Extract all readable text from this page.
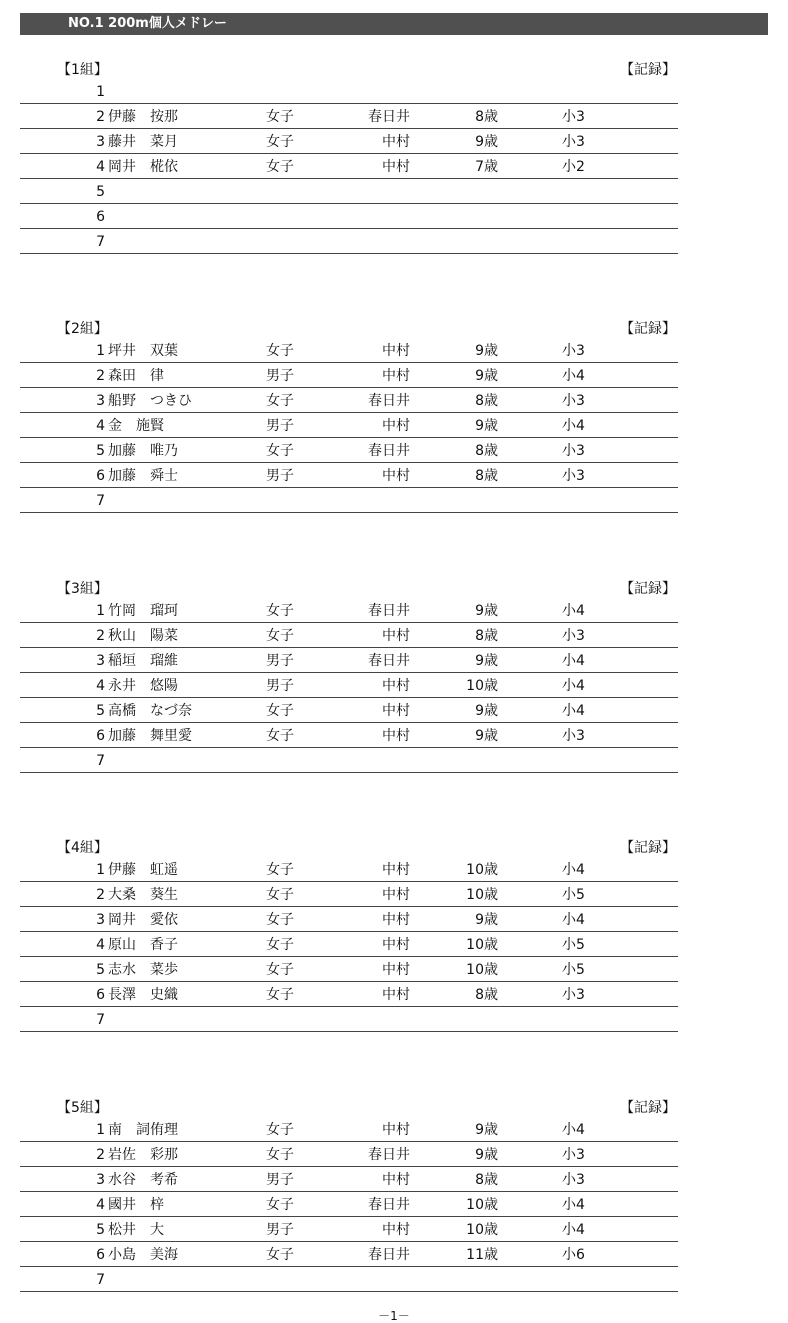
NO.1 200m個人メドレー
【1組】	【記録】
1
2 伊藤　按那	女子	春日井	8歳	小3
3 藤井　菜月	女子	中村	9歳	小3
4 岡井　椛依	女子	中村	7歳	小2
5
6
7
【2組】	【記録】
1 坪井　双葉	女子	中村	9歳	小3
2 森田　律	男子	中村	9歳	小4
3 船野　つきひ	女子	春日井	8歳	小3
4 金　施賢	男子	中村	9歳	小4
5 加藤　唯乃	女子	春日井	8歳	小3
6 加藤　舜士	男子	中村	8歳	小3
7
【3組】	【記録】
1 竹岡　瑠珂	女子	春日井	9歳	小4
2 秋山　陽菜	女子	中村	8歳	小3
3 稲垣　瑠維	男子	春日井	9歳	小4
4 永井　悠陽	男子	中村	10歳	小4
5 高橋　なづ奈	女子	中村	9歳	小4
6 加藤　舞里愛	女子	中村	9歳	小3
7
【4組】	【記録】
1 伊藤　虹遥	女子	中村	10歳	小4
2 大桑　葵生	女子	中村	10歳	小5
3 岡井　愛依	女子	中村	9歳	小4
4 原山　香子	女子	中村	10歳	小5
5 志水　菜歩	女子	中村	10歳	小5
6 長澤　史織	女子	中村	8歳	小3
7
【5組】	【記録】
1 南　詞侑理	女子	中村	9歳	小4
2 岩佐　彩那	女子	春日井	9歳	小3
3 水谷　考希	男子	中村	8歳	小3
4 國井　梓	女子	春日井	10歳	小4
5 松井　大	男子	中村	10歳	小4
6 小島　美海	女子	春日井	11歳	小6
7
－1－
